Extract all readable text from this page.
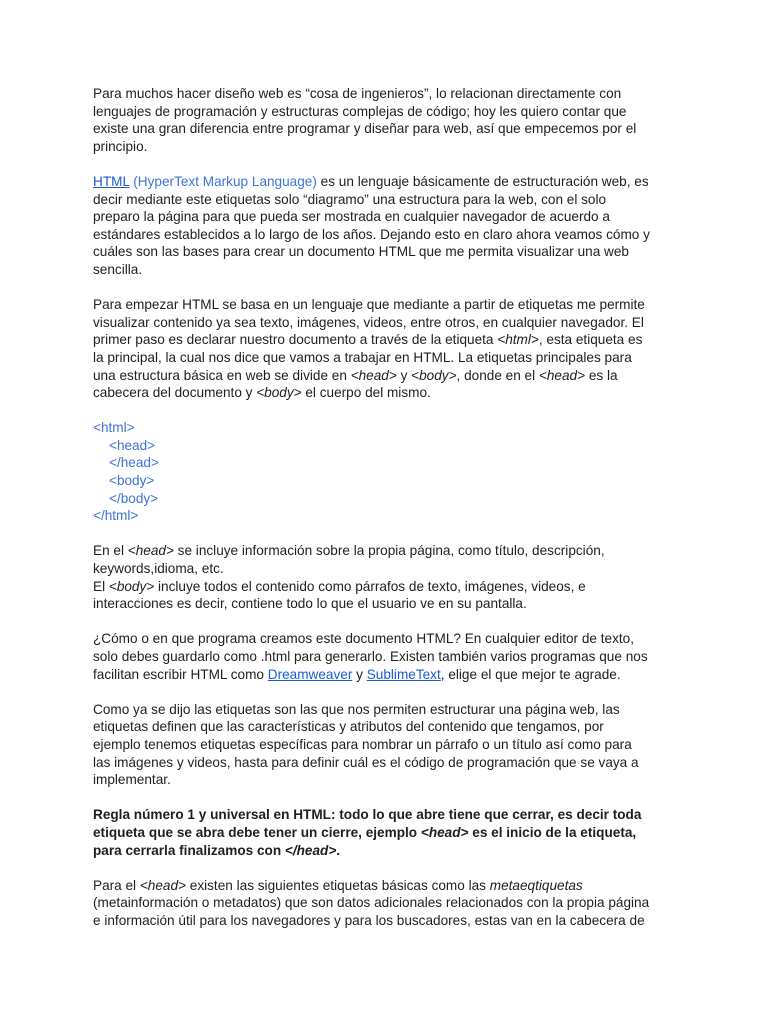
Para muchos hacer diseño web es “cosa de ingenieros”, lo relacionan directamente con
lenguajes de programación y estructuras complejas de código; hoy les quiero contar que
existe una gran diferencia entre programar y diseñar para web, así que empecemos por el
principio.
HTML (HyperText Markup Language) es un lenguaje básicamente de estructuración web, es
decir mediante este etiquetas solo “diagramo” una estructura para la web, con el solo
preparo la página para que pueda ser mostrada en cualquier navegador de acuerdo a
estándares establecidos a lo largo de los años. Dejando esto en claro ahora veamos cómo y
cuáles son las bases para crear un documento HTML que me permita visualizar una web
sencilla.
Para empezar HTML se basa en un lenguaje que mediante a partir de etiquetas me permite
visualizar contenido ya sea texto, imágenes, videos, entre otros, en cualquier navegador. El
primer paso es declarar nuestro documento a través de la etiqueta <html>, esta etiqueta es
la principal, la cual nos dice que vamos a trabajar en HTML. La etiquetas principales para
una estructura básica en web se divide en <head> y <body>, donde en el <head> es la
cabecera del documento y <body> el cuerpo del mismo.
<html>
<head>
</head>
<body>
</body>
</html>
En el <head> se incluye información sobre la propia página, como título, descripción,
keywords,idioma, etc.
El <body> incluye todos el contenido como párrafos de texto, imágenes, videos, e
interacciones es decir, contiene todo lo que el usuario ve en su pantalla.
¿Cómo o en que programa creamos este documento HTML? En cualquier editor de texto,
solo debes guardarlo como .html para generarlo. Existen también varios programas que nos
facilitan escribir HTML como Dreamweaver y SublimeText, elige el que mejor te agrade.
Como ya se dijo las etiquetas son las que nos permiten estructurar una página web, las
etiquetas definen que las características y atributos del contenido que tengamos, por
ejemplo tenemos etiquetas específicas para nombrar un párrafo o un título así como para
las imágenes y videos, hasta para definir cuál es el código de programación que se vaya a
implementar.
Regla número 1 y universal en HTML: todo lo que abre tiene que cerrar, es decir toda
etiqueta que se abra debe tener un cierre, ejemplo <head> es el inicio de la etiqueta,
para cerrarla finalizamos con </head>.
Para el <head> existen las siguientes etiquetas básicas como las metaeqtiquetas
(metainformación o metadatos) que son datos adicionales relacionados con la propia página
e información útil para los navegadores y para los buscadores, estas van en la cabecera de
